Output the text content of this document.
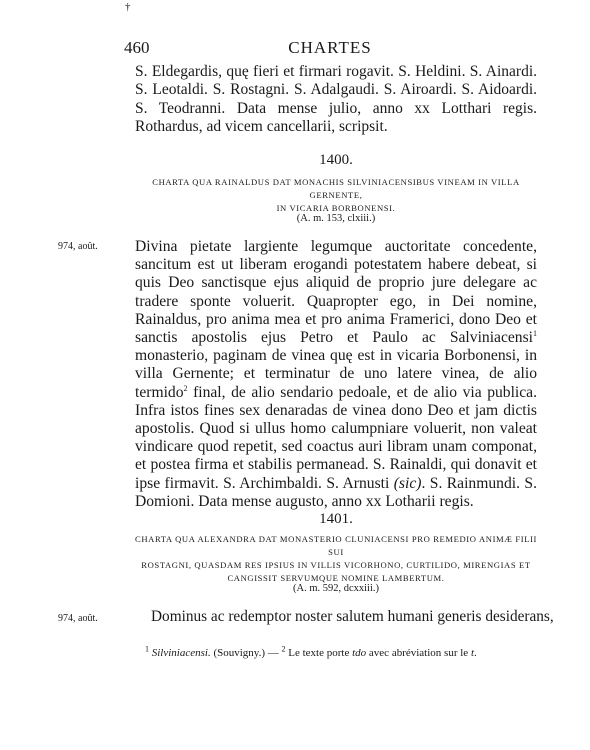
†
460	CHARTES
S. Eldegardis, quę fieri et firmari rogavit. S. Heldini. S. Ainardi. S. Leotaldi. S. Rostagni. S. Adalgaudi. S. Airoardi. S. Aidoardi. S. Teodranni. Data mense julio, anno xx Lotthari regis. Rothardus, ad vicem cancellarii, scripsit.
1400.
CHARTA QUA RAINALDUS DAT MONACHIS SILVINIACENSIBUS VINEAM IN VILLA GERNENTE,
IN VICARIA BORBONENSI.
(A. m. 153, clxiii.)
974, août. Divina pietate largiente legumque auctoritate concedente, sancitum est ut liberam erogandi potestatem habere debeat, si quis Deo sanctisque ejus aliquid de proprio jure delegare ac tradere sponte voluerit. Quapropter ego, in Dei nomine, Rainaldus, pro anima mea et pro anima Framerici, dono Deo et sanctis apostolis ejus Petro et Paulo ac Salviniacensi$^1$ monasterio, paginam de vinea quę est in vicaria Borbonensi, in villa Gernente; et terminatur de uno latere vinea, de alio termido$^2$ final, de alio sendario pedoale, et de alio via publica. Infra istos fines sex denaradas de vinea dono Deo et jam dictis apostolis. Quod si ullus homo calumpniare voluerit, non valeat vindicare quod repetit, sed coactus auri libram unam componat, et postea firma et stabilis permanead. S. Rainaldi, qui donavit et ipse firmavit. S. Archimbaldi. S. Arnusti (sic). S. Rainmundi. S. Domioni. Data mense augusto, anno xx Lotharii regis.
1401.
CHARTA QUA ALEXANDRA DAT MONASTERIO CLUNIACENSI PRO REMEDIO ANIMÆ FILII SUI
ROSTAGNI, QUASDAM RES IPSIUS IN VILLIS VICORHONO, CURTILIDO, MIRENGIAS ET
CANGISSIT SERVUMQUE NOMINE LAMBERTUM.
(A. m. 592, dcxxiii.)
974, août.	Dominus ac redemptor noster salutem humani generis desiderans,
$^1$ Silviniacensi. (Souvigny.) — $^2$ Le texte porte tdo avec abréviation sur le t.
